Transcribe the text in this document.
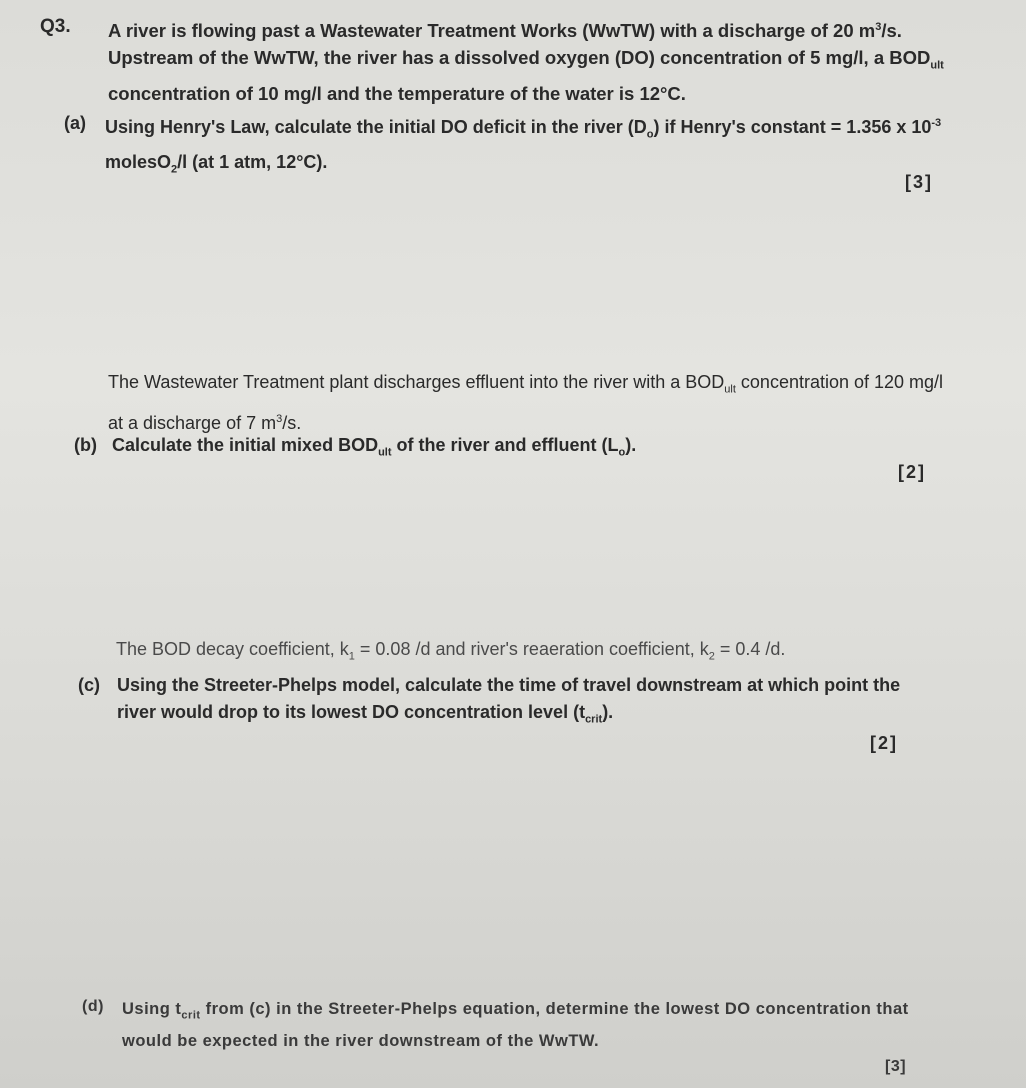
Q3. A river is flowing past a Wastewater Treatment Works (WwTW) with a discharge of 20 $m^3/s$. Upstream of the WwTW, the river has a dissolved oxygen (DO) concentration of 5 mg/l, a $BOD_{ult}$ concentration of 10 mg/l and the temperature of the water is 12°C.

(a) Using Henry's Law, calculate the initial DO deficit in the river $(D_o)$ if Henry's constant = 1.356 x $10^{-3}$ molesO$_2$/l (at 1 atm, 12°C).

[3]

The Wastewater Treatment plant discharges effluent into the river with a $BOD_{ult}$ concentration of 120 mg/l at a discharge of 7 $m^3/s$.

(b) Calculate the initial mixed $BOD_{ult}$ of the river and effluent $(L_o)$.

[2]

The BOD decay coefficient, $k_1 = 0.08$ /d and river's reaeration coefficient, $k_2 = 0.4$ /d.

(c) Using the Streeter-Phelps model, calculate the time of travel downstream at which point the river would drop to its lowest DO concentration level $(t_{crit})$.

[2]
(d) Using $t_{crit}$ from (c) in the Streeter-Phelps equation, determine the lowest DO concentration that would be expected in the river downstream of the WwTW.

[3]
